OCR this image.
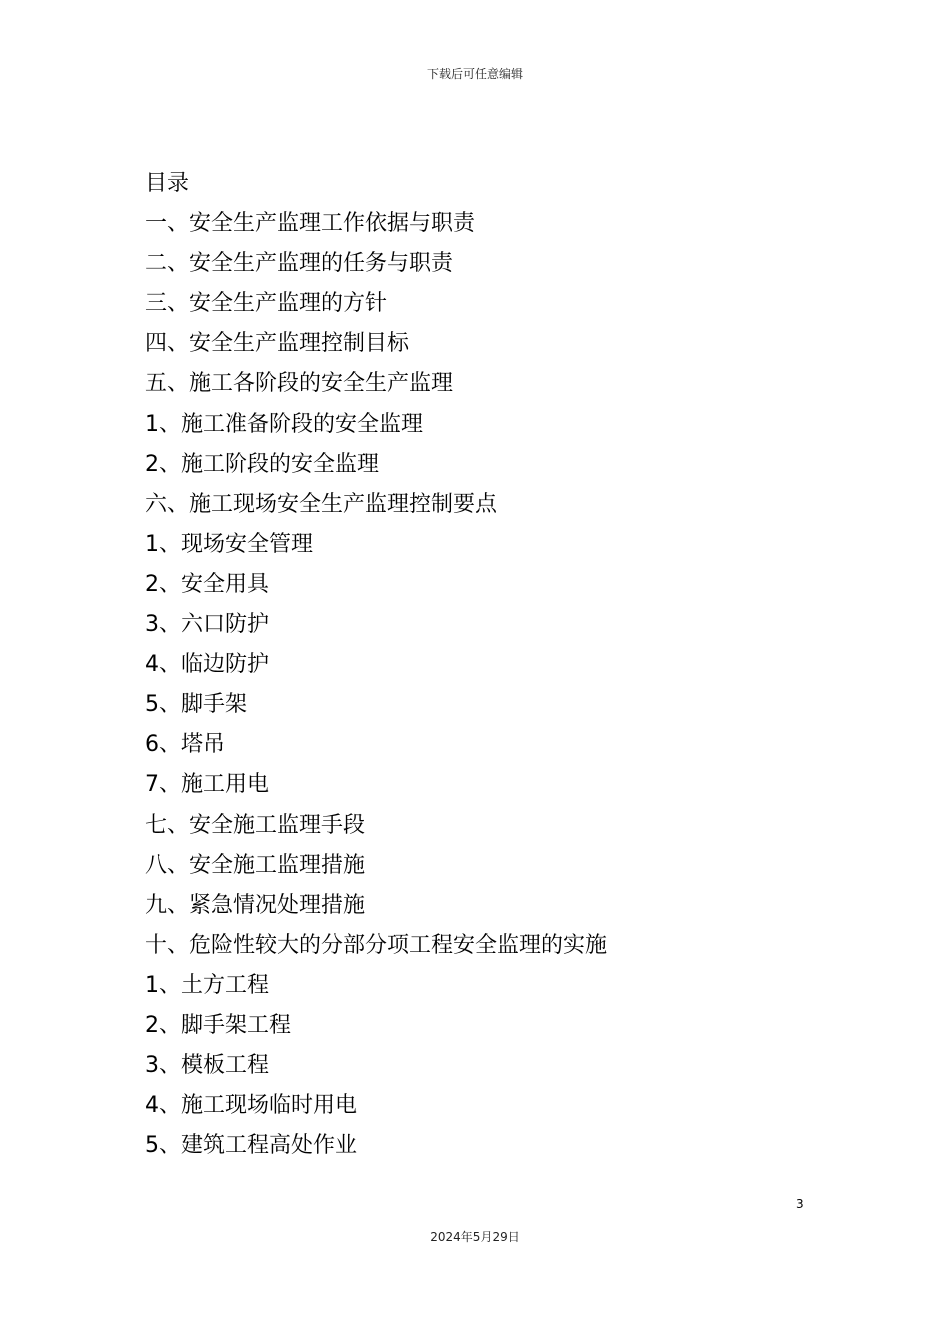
下载后可任意编辑
目录
一、安全生产监理工作依据与职责
二、安全生产监理的任务与职责
三、安全生产监理的方针
四、安全生产监理控制目标
五、施工各阶段的安全生产监理
1、施工准备阶段的安全监理
2、施工阶段的安全监理
六、施工现场安全生产监理控制要点
1、现场安全管理
2、安全用具
3、六口防护
4、临边防护
5、脚手架
6、塔吊
7、施工用电
七、安全施工监理手段
八、安全施工监理措施
九、紧急情况处理措施
十、危险性较大的分部分项工程安全监理的实施
1、土方工程
2、脚手架工程
3、模板工程
4、施工现场临时用电
5、建筑工程高处作业
3
2024年5月29日
